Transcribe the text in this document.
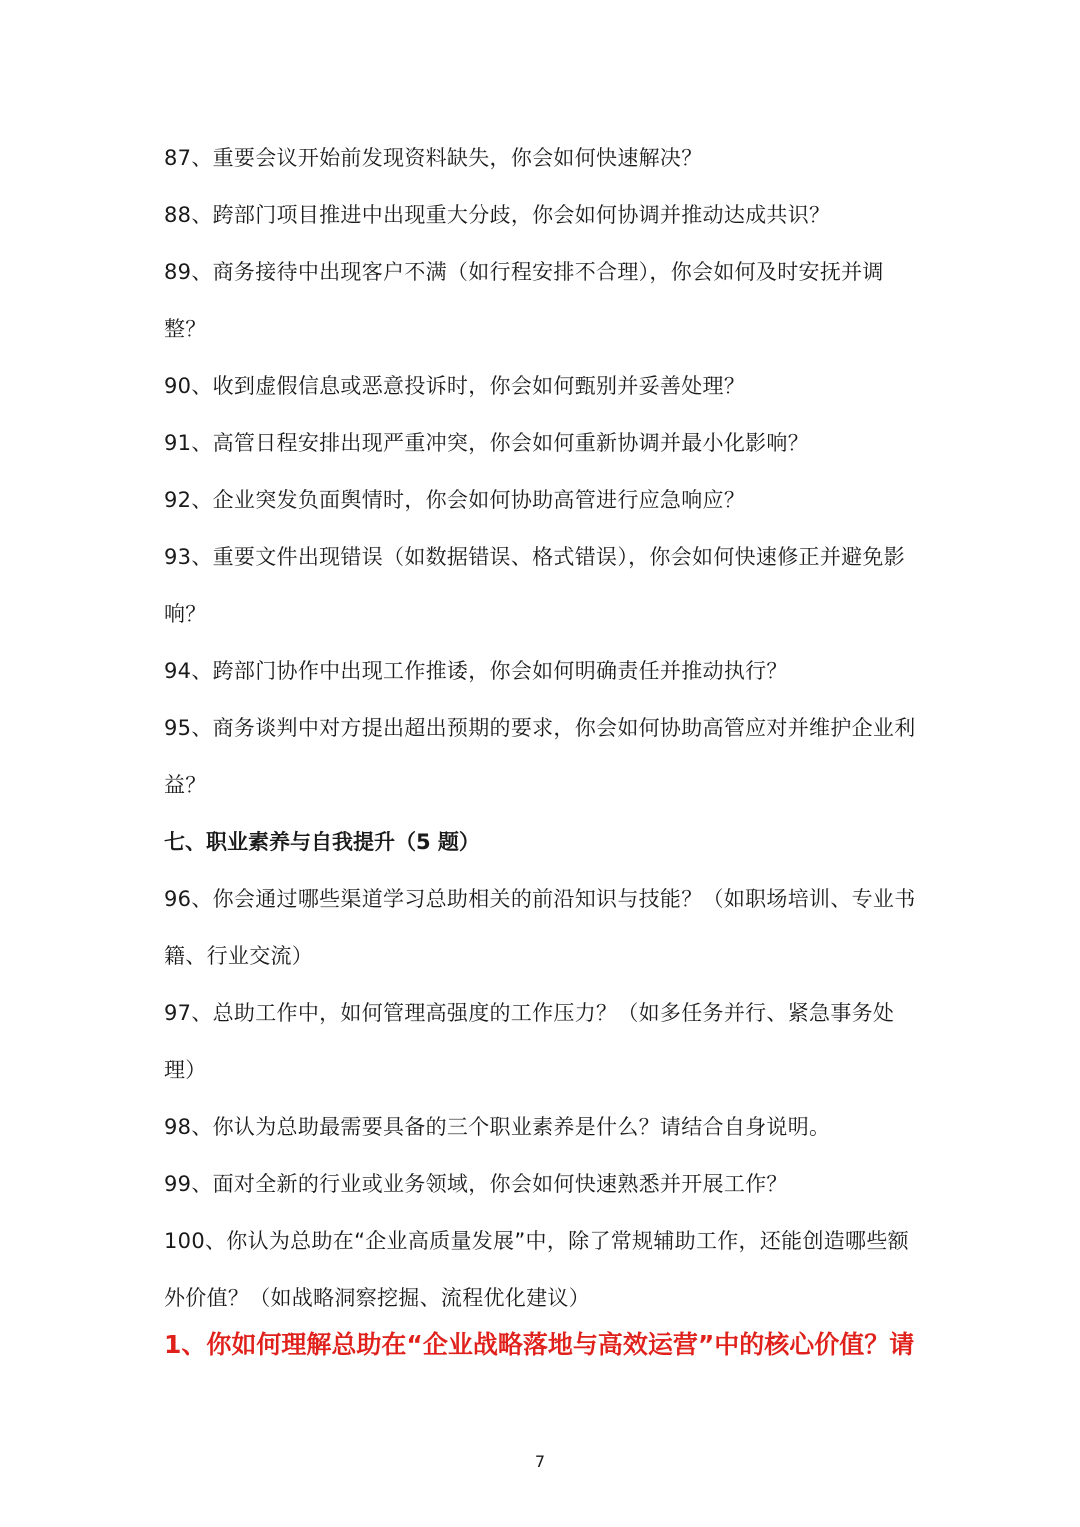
87、重要会议开始前发现资料缺失，你会如何快速解决？

88、跨部门项目推进中出现重大分歧，你会如何协调并推动达成共识？

89、商务接待中出现客户不满（如行程安排不合理），你会如何及时安抚并调整？

90、收到虚假信息或恶意投诉时，你会如何甄别并妥善处理？

91、高管日程安排出现严重冲突，你会如何重新协调并最小化影响？

92、企业突发负面舆情时，你会如何协助高管进行应急响应？

93、重要文件出现错误（如数据错误、格式错误），你会如何快速修正并避免影响？

94、跨部门协作中出现工作推诿，你会如何明确责任并推动执行？

95、商务谈判中对方提出超出预期的要求，你会如何协助高管应对并维护企业利益？

七、职业素养与自我提升（5 题）

96、你会通过哪些渠道学习总助相关的前沿知识与技能？（如职场培训、专业书籍、行业交流）

97、总助工作中，如何管理高强度的工作压力？（如多任务并行、紧急事务处理）

98、你认为总助最需要具备的三个职业素养是什么？请结合自身说明。

99、面对全新的行业或业务领域，你会如何快速熟悉并开展工作？

100、你认为总助在“企业高质量发展”中，除了常规辅助工作，还能创造哪些额外价值？（如战略洞察挖掘、流程优化建议）

1、你如何理解总助在“企业战略落地与高效运营”中的核心价值？请

7
